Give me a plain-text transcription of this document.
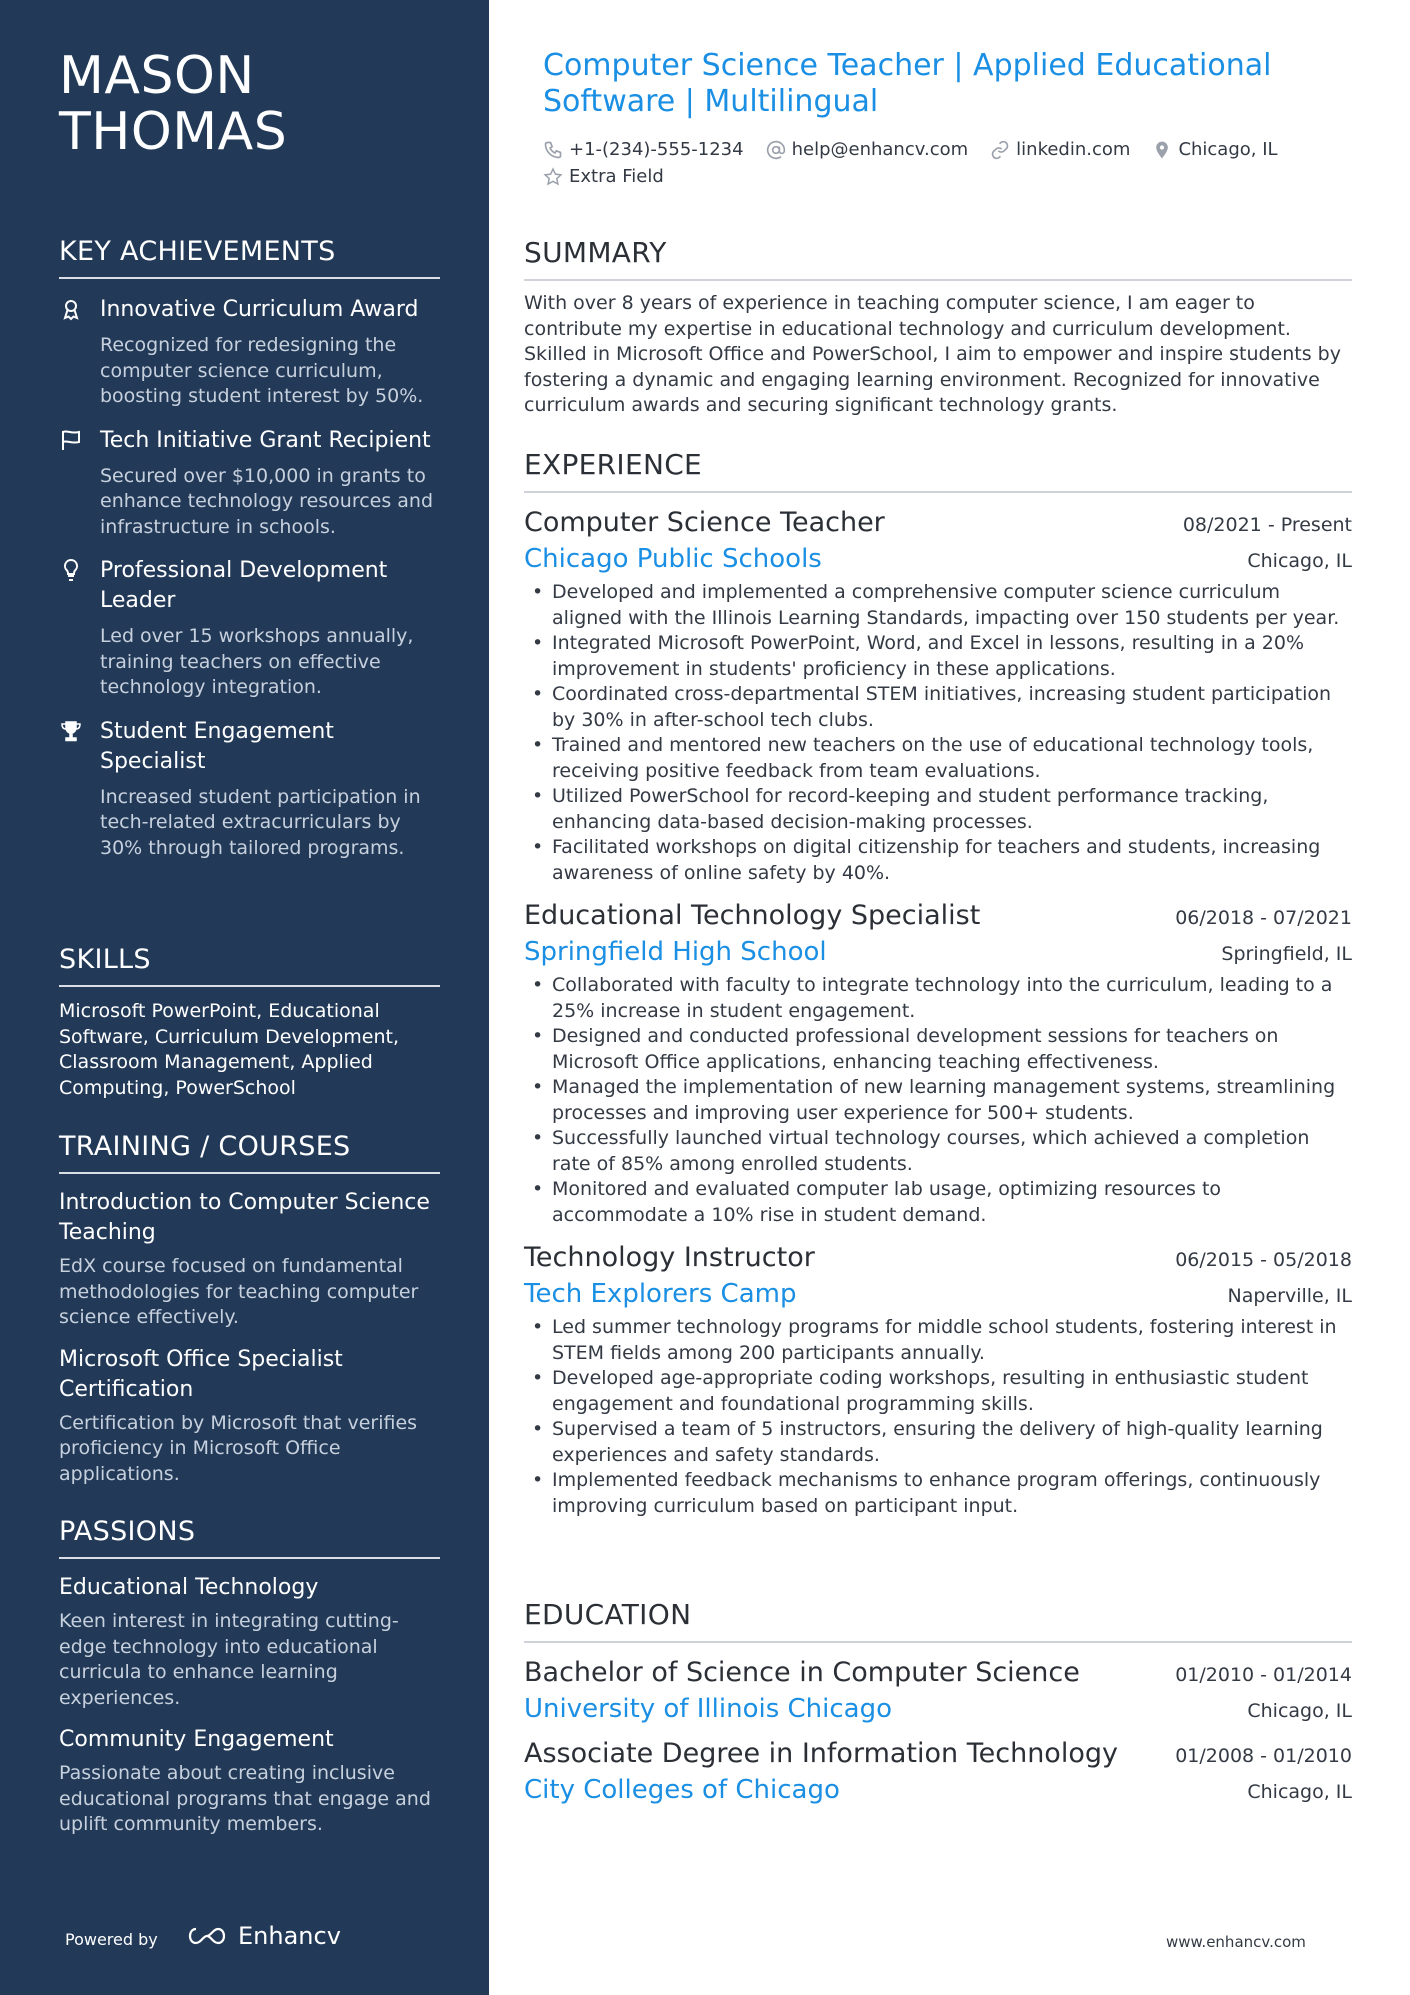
MASON THOMAS
KEY ACHIEVEMENTS
Innovative Curriculum Award
Recognized for redesigning the computer science curriculum, boosting student interest by 50%.
Tech Initiative Grant Recipient
Secured over $10,000 in grants to enhance technology resources and infrastructure in schools.
Professional Development Leader
Led over 15 workshops annually, training teachers on effective technology integration.
Student Engagement Specialist
Increased student participation in tech-related extracurriculars by 30% through tailored programs.
SKILLS
Microsoft PowerPoint, Educational Software, Curriculum Development, Classroom Management, Applied Computing, PowerSchool
TRAINING / COURSES
Introduction to Computer Science Teaching
EdX course focused on fundamental methodologies for teaching computer science effectively.
Microsoft Office Specialist Certification
Certification by Microsoft that verifies proficiency in Microsoft Office applications.
PASSIONS
Educational Technology
Keen interest in integrating cutting-edge technology into educational curricula to enhance learning experiences.
Community Engagement
Passionate about creating inclusive educational programs that engage and uplift community members.
Powered by	Enhancv
Computer Science Teacher | Applied Educational Software | Multilingual
+1-(234)-555-1234	help@enhancv.com	linkedin.com	Chicago, IL
Extra Field
SUMMARY
With over 8 years of experience in teaching computer science, I am eager to contribute my expertise in educational technology and curriculum development. Skilled in Microsoft Office and PowerSchool, I aim to empower and inspire students by fostering a dynamic and engaging learning environment. Recognized for innovative curriculum awards and securing significant technology grants.
EXPERIENCE
Computer Science Teacher	08/2021 - Present
Chicago Public Schools	Chicago, IL
• Developed and implemented a comprehensive computer science curriculum aligned with the Illinois Learning Standards, impacting over 150 students per year.
• Integrated Microsoft PowerPoint, Word, and Excel in lessons, resulting in a 20% improvement in students' proficiency in these applications.
• Coordinated cross-departmental STEM initiatives, increasing student participation by 30% in after-school tech clubs.
• Trained and mentored new teachers on the use of educational technology tools, receiving positive feedback from team evaluations.
• Utilized PowerSchool for record-keeping and student performance tracking, enhancing data-based decision-making processes.
• Facilitated workshops on digital citizenship for teachers and students, increasing awareness of online safety by 40%.
Educational Technology Specialist	06/2018 - 07/2021
Springfield High School	Springfield, IL
• Collaborated with faculty to integrate technology into the curriculum, leading to a 25% increase in student engagement.
• Designed and conducted professional development sessions for teachers on Microsoft Office applications, enhancing teaching effectiveness.
• Managed the implementation of new learning management systems, streamlining processes and improving user experience for 500+ students.
• Successfully launched virtual technology courses, which achieved a completion rate of 85% among enrolled students.
• Monitored and evaluated computer lab usage, optimizing resources to accommodate a 10% rise in student demand.
Technology Instructor	06/2015 - 05/2018
Tech Explorers Camp	Naperville, IL
• Led summer technology programs for middle school students, fostering interest in STEM fields among 200 participants annually.
• Developed age-appropriate coding workshops, resulting in enthusiastic student engagement and foundational programming skills.
• Supervised a team of 5 instructors, ensuring the delivery of high-quality learning experiences and safety standards.
• Implemented feedback mechanisms to enhance program offerings, continuously improving curriculum based on participant input.
EDUCATION
Bachelor of Science in Computer Science	01/2010 - 01/2014
University of Illinois Chicago	Chicago, IL
Associate Degree in Information Technology	01/2008 - 01/2010
City Colleges of Chicago	Chicago, IL
www.enhancv.com
